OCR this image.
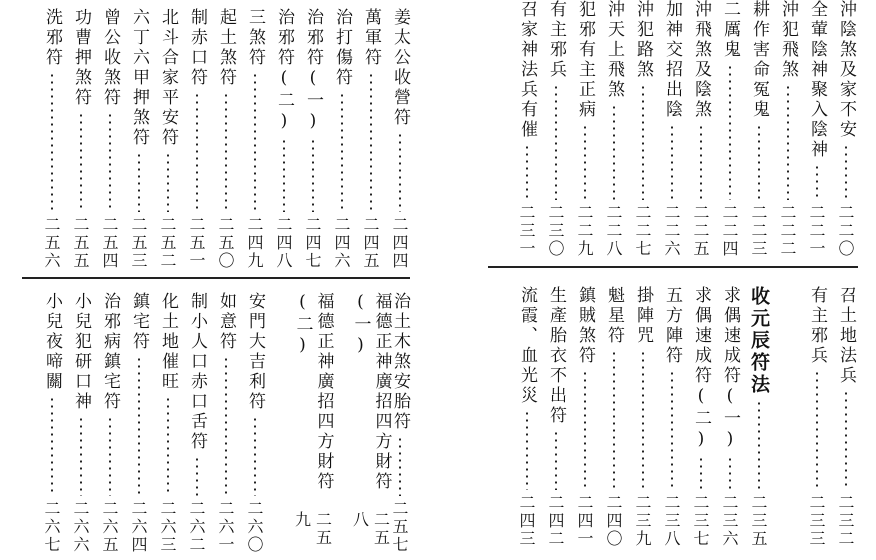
姜太公收營符
二四四
萬軍符
二四五
治打傷符
二四六
治邪符(一)
二四七
治邪符(二)
二四八
三煞符
二四九
起土煞符
二五〇
制赤口符
二五一
北斗合家平安符
二五二
六丁六甲押煞符
二五三
曾公收煞符
二五四
功曹押煞符
二五五
洗邪符
二五六
治土木煞安胎符
二五七
福德正神廣招四方財符(一)
二五八
福德正神廣招四方財符(二)
二五九
安門大吉利符
二六〇
如意符
二六一
制小人口赤口舌符
二六二
化土地催旺
二六三
鎮宅符
二六四
治邪病鎮宅符
二六五
小兒犯研口神
二六六
小兒夜啼關
二六七
沖陰煞及家不安
二二〇
全葷陰神聚入陰神
二二一
沖犯飛煞
二二二
耕作害命冤鬼
二二三
二厲鬼
二二四
沖飛煞及陰煞
二二五
加神交招出陰
二二六
沖犯路煞
二二七
沖天上飛煞
二二八
犯邪有主正病
二二九
有主邪兵
二三〇
召家神法兵有催
二三一
召土地法兵
二三二
有主邪兵
二三三
收元辰符法
二三五
求偶速成符(一)
二三六
求偶速成符(二)
二三七
五方陣符
二三八
掛陣咒
二三九
魁星符
二四〇
鎮賊煞符
二四一
生產胎衣不出符
二四二
流霞、血光災
二四三
